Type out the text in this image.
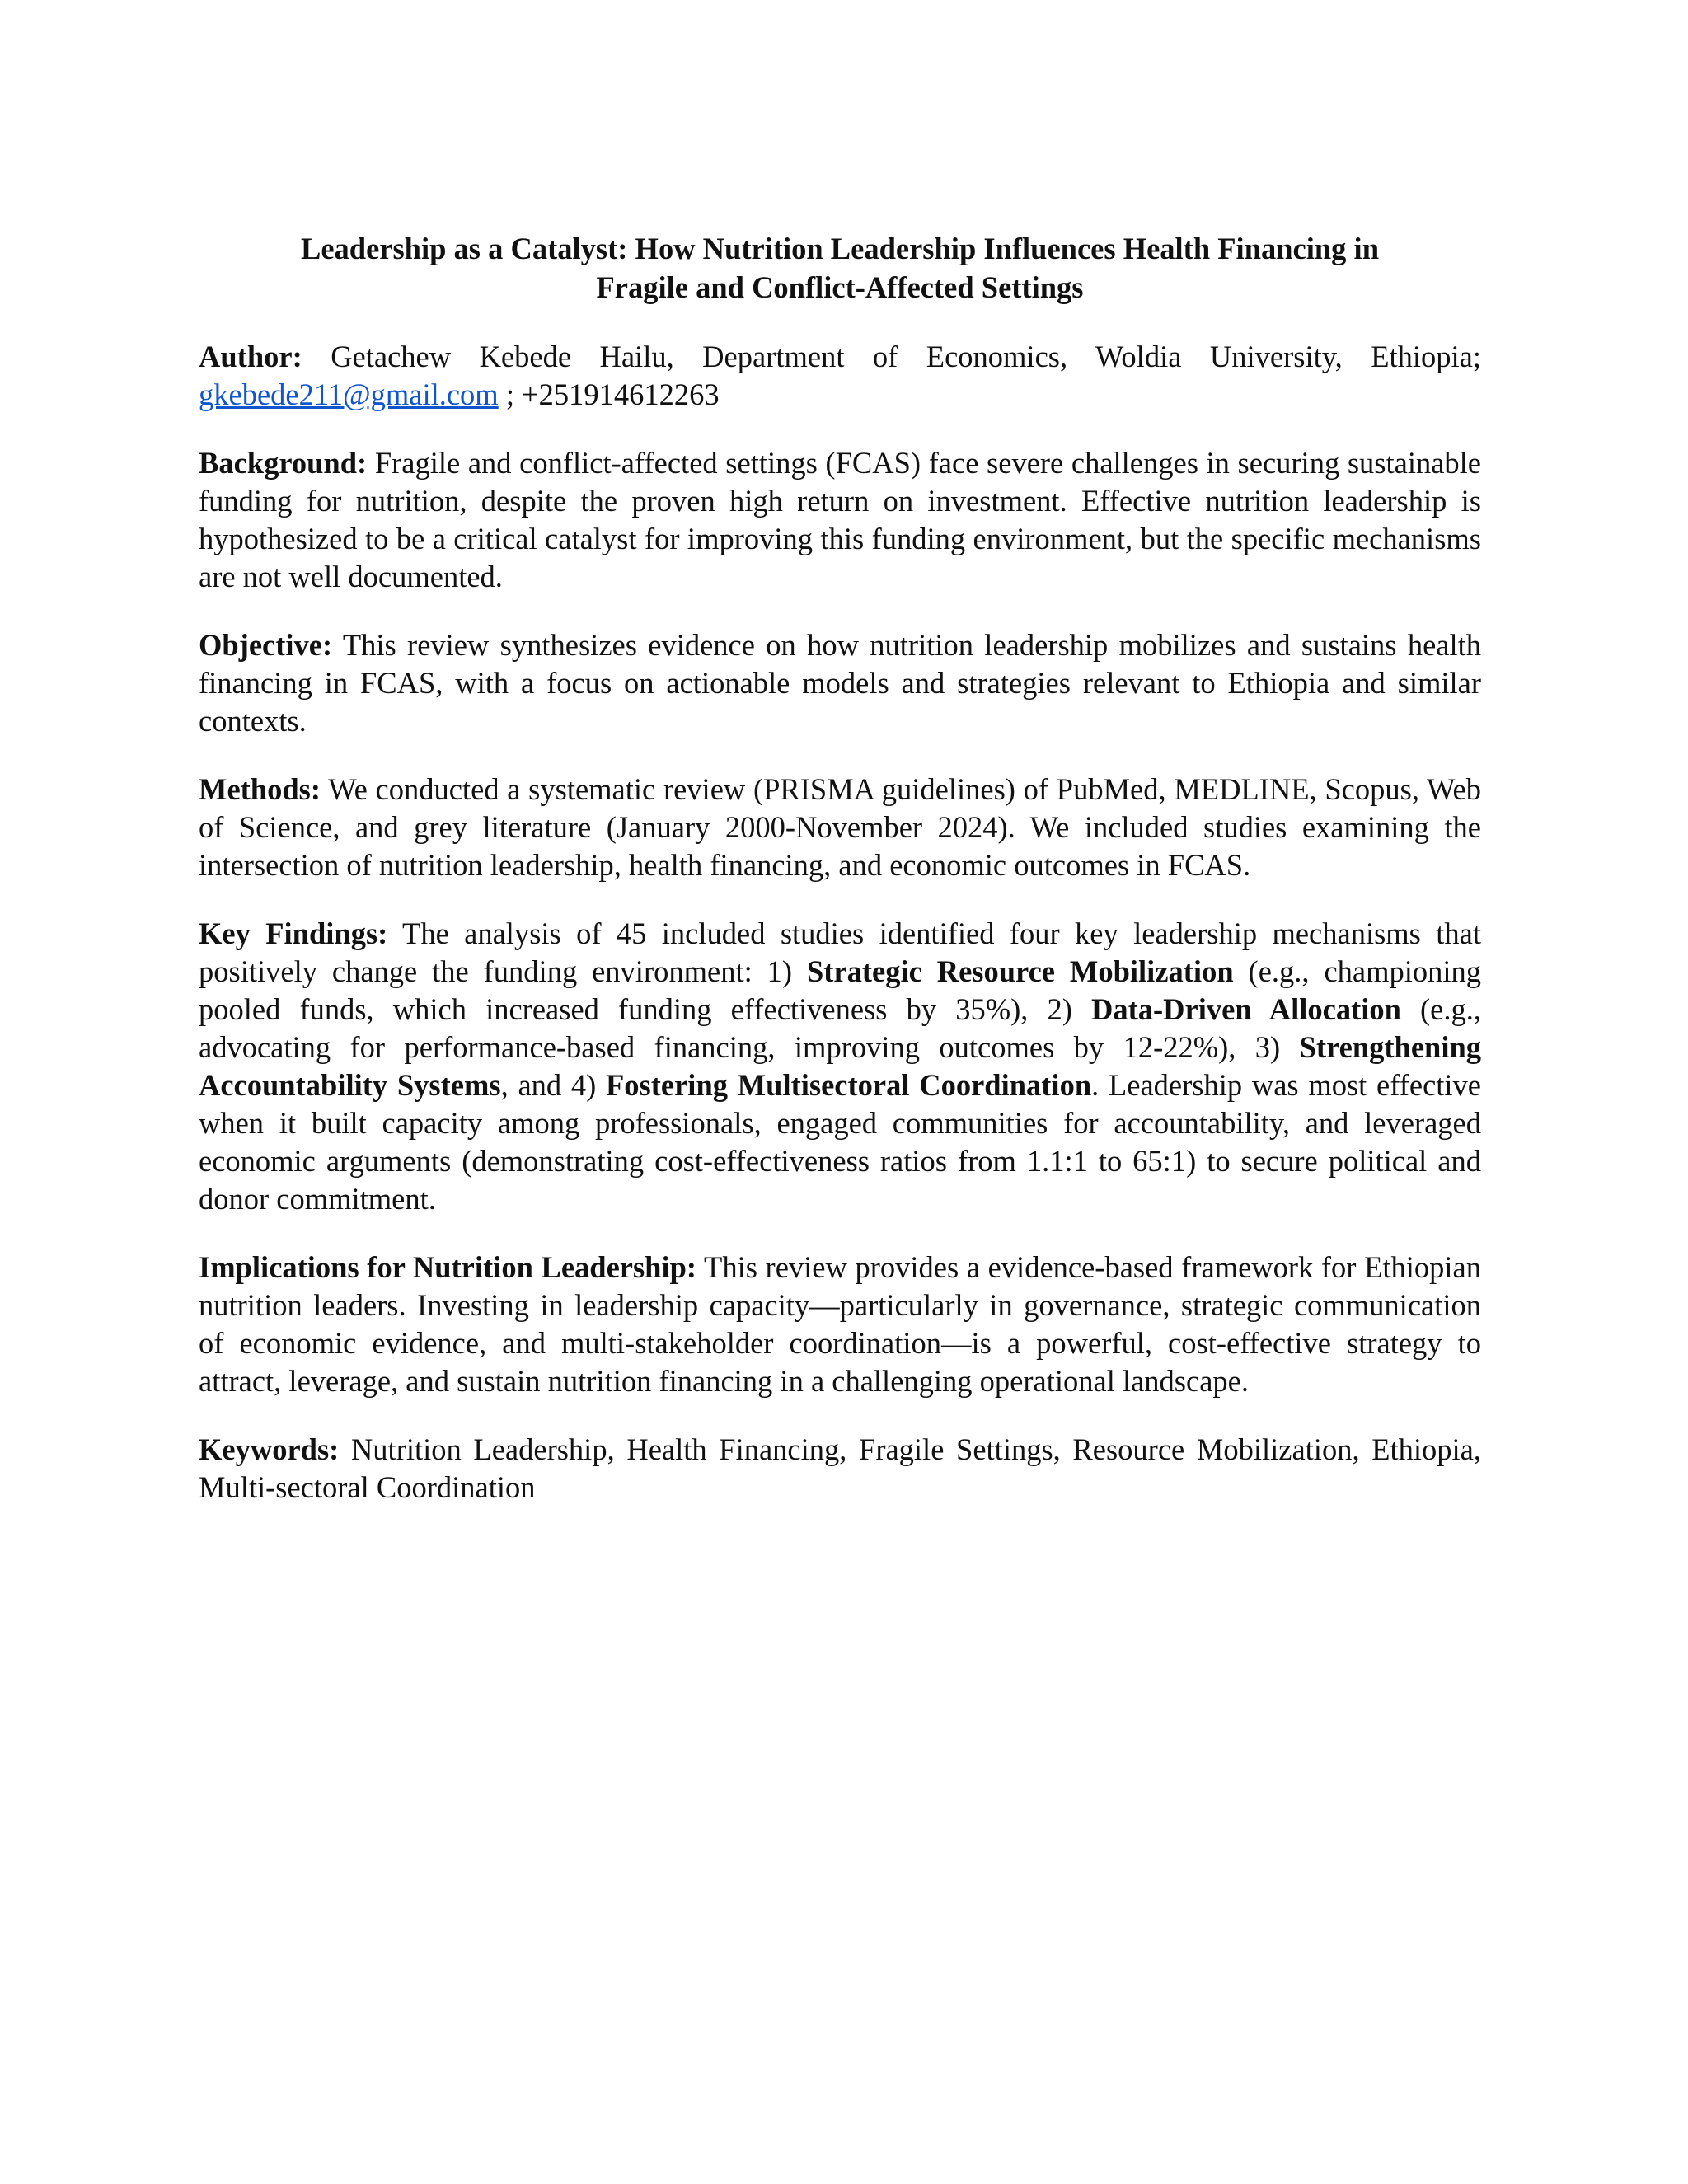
Leadership as a Catalyst: How Nutrition Leadership Influences Health Financing in
Fragile and Conflict-Affected Settings

Author: Getachew Kebede Hailu, Department of Economics, Woldia University, Ethiopia; gkebede211@gmail.com ; +251914612263

Background: Fragile and conflict-affected settings (FCAS) face severe challenges in securing sustainable funding for nutrition, despite the proven high return on investment. Effective nutrition leadership is hypothesized to be a critical catalyst for improving this funding environment, but the specific mechanisms are not well documented.

Objective: This review synthesizes evidence on how nutrition leadership mobilizes and sustains health financing in FCAS, with a focus on actionable models and strategies relevant to Ethiopia and similar contexts.

Methods: We conducted a systematic review (PRISMA guidelines) of PubMed, MEDLINE, Scopus, Web of Science, and grey literature (January 2000-November 2024). We included studies examining the intersection of nutrition leadership, health financing, and economic outcomes in FCAS.

Key Findings: The analysis of 45 included studies identified four key leadership mechanisms that positively change the funding environment: 1) Strategic Resource Mobilization (e.g., championing pooled funds, which increased funding effectiveness by 35%), 2) Data-Driven Allocation (e.g., advocating for performance-based financing, improving outcomes by 12-22%), 3) Strengthening Accountability Systems, and 4) Fostering Multisectoral Coordination. Leadership was most effective when it built capacity among professionals, engaged communities for accountability, and leveraged economic arguments (demonstrating cost-effectiveness ratios from 1.1:1 to 65:1) to secure political and donor commitment.

Implications for Nutrition Leadership: This review provides a evidence-based framework for Ethiopian nutrition leaders. Investing in leadership capacity—particularly in governance, strategic communication of economic evidence, and multi-stakeholder coordination—is a powerful, cost-effective strategy to attract, leverage, and sustain nutrition financing in a challenging operational landscape.

Keywords: Nutrition Leadership, Health Financing, Fragile Settings, Resource Mobilization, Ethiopia, Multi-sectoral Coordination
